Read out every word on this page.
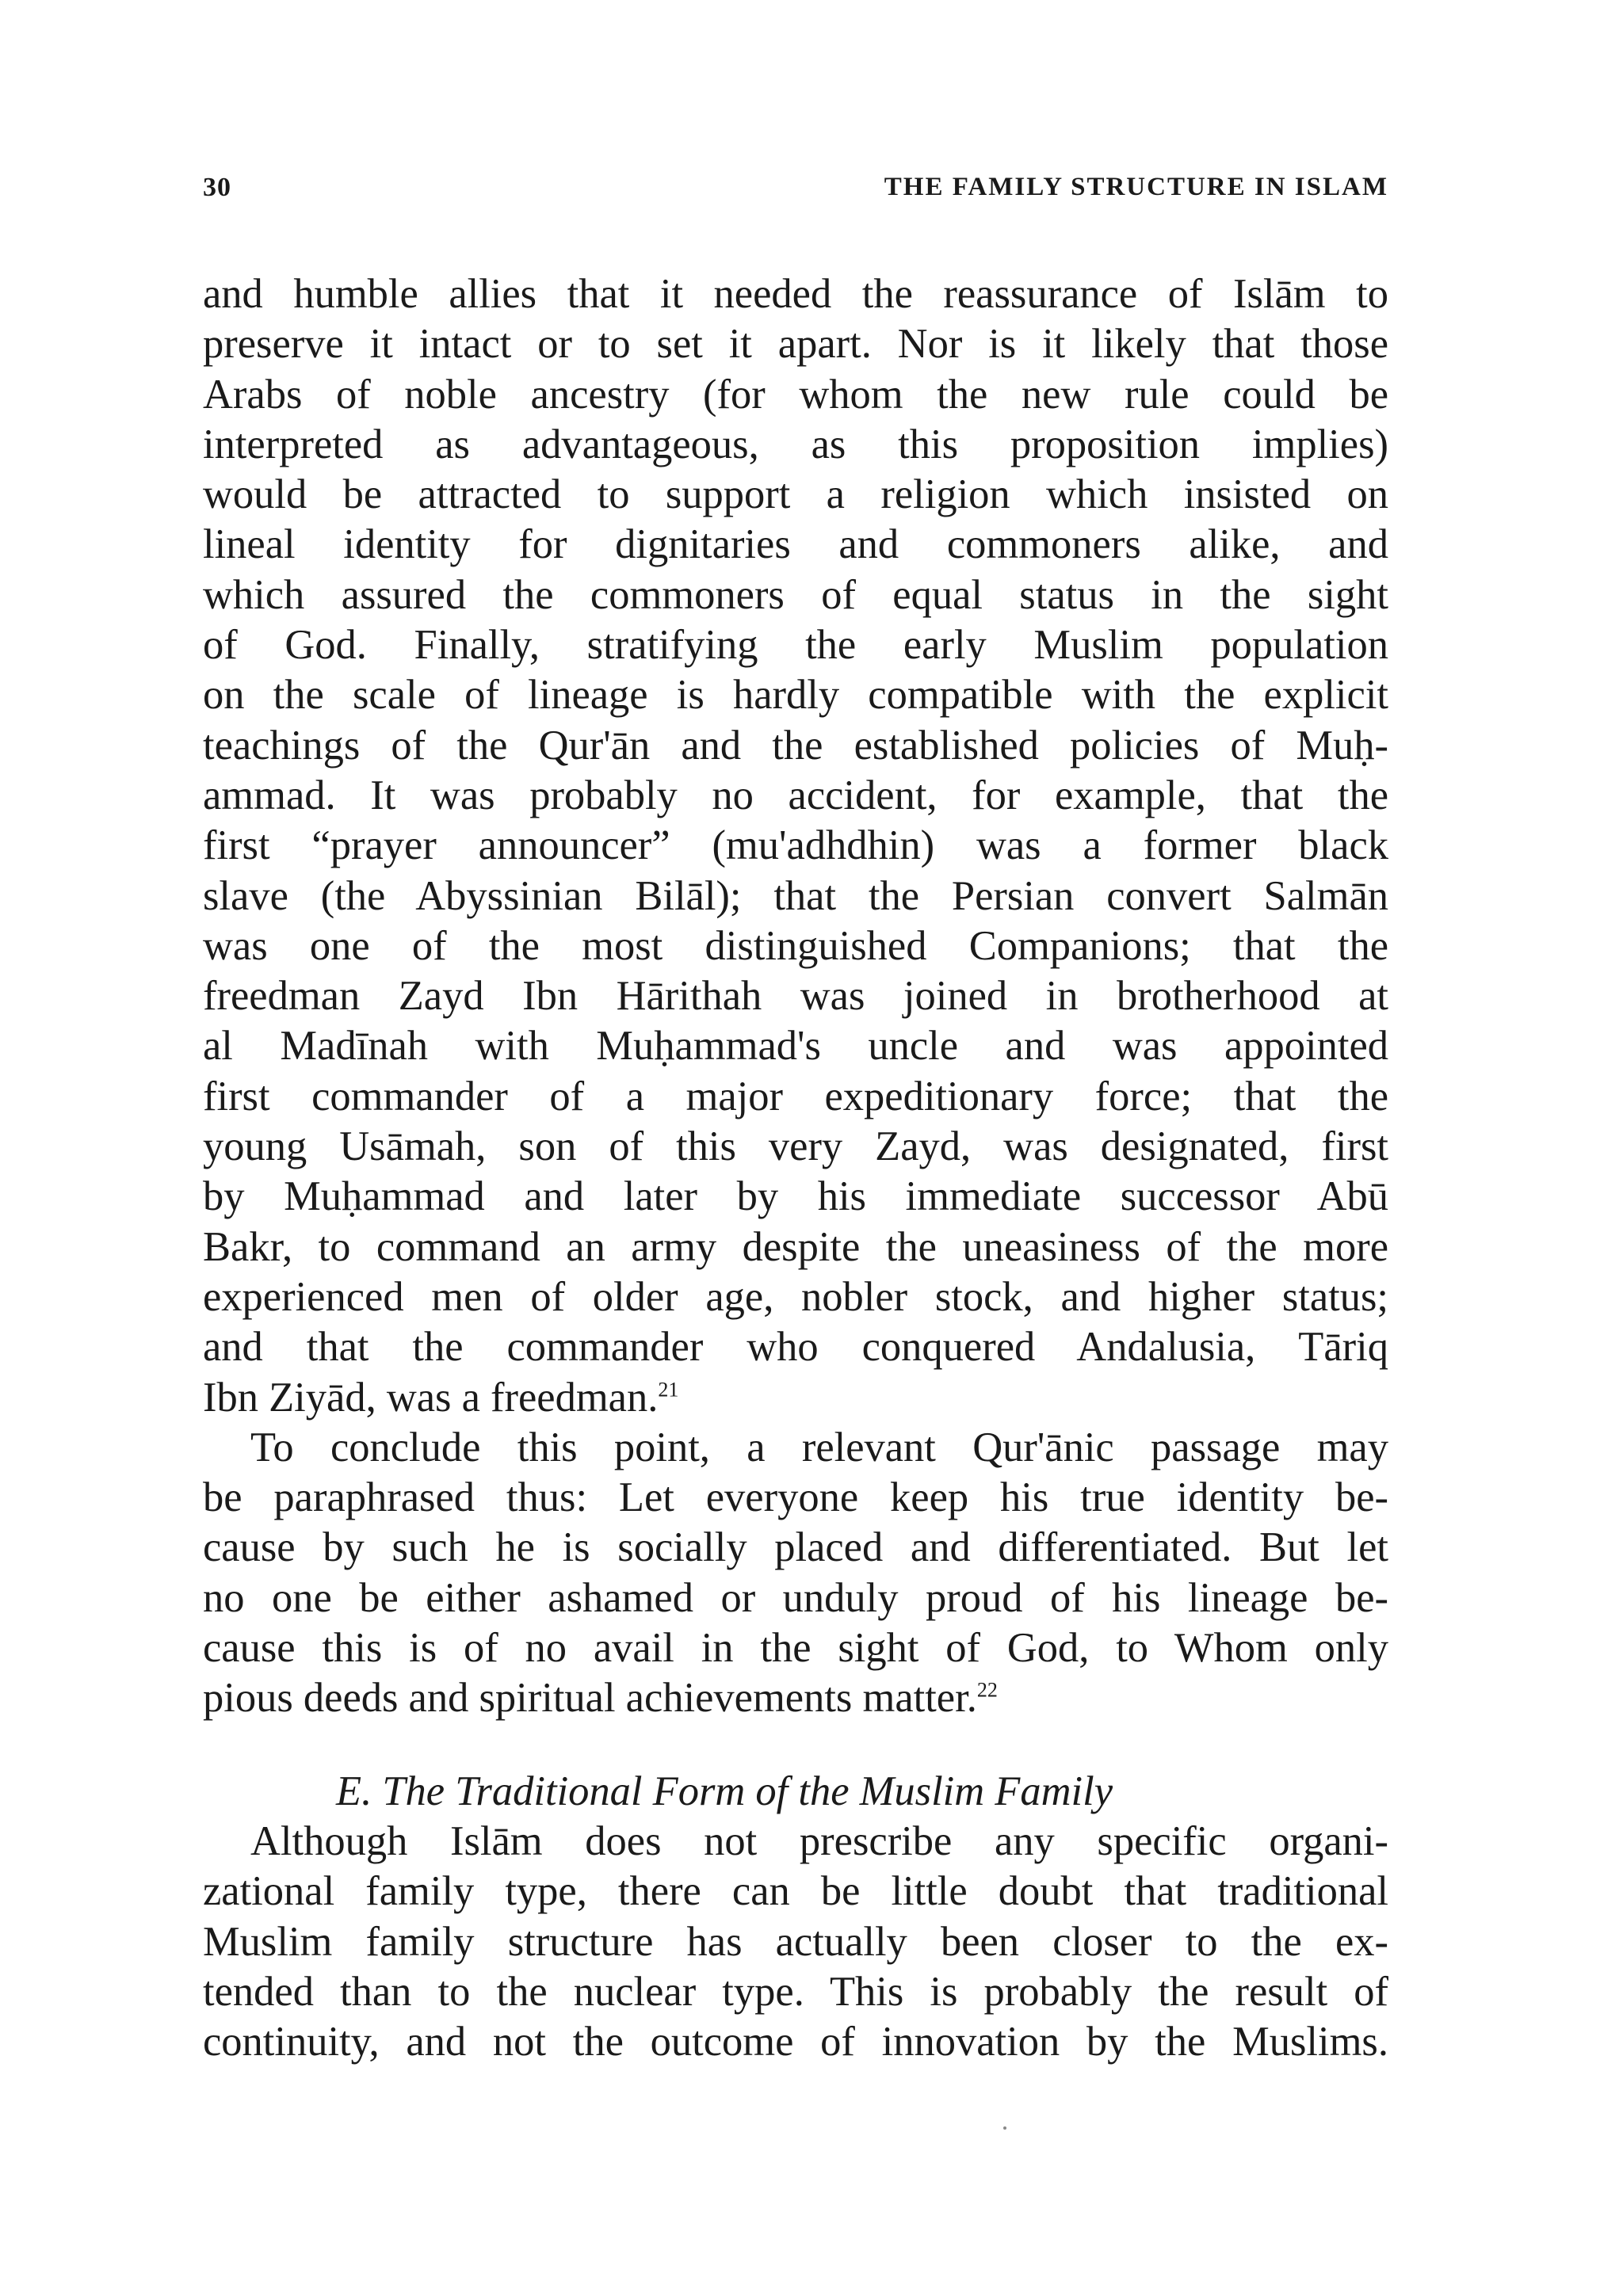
30	THE FAMILY STRUCTURE IN ISLAM
and humble allies that it needed the reassurance of Islām to
preserve it intact or to set it apart. Nor is it likely that those
Arabs of noble ancestry (for whom the new rule could be
interpreted as advantageous, as this proposition implies)
would be attracted to support a religion which insisted on
lineal identity for dignitaries and commoners alike, and
which assured the commoners of equal status in the sight
of God. Finally, stratifying the early Muslim population
on the scale of lineage is hardly compatible with the explicit
teachings of the Qur'ān and the established policies of Muḥ-
ammad. It was probably no accident, for example, that the
first “prayer announcer” (mu'adhdhin) was a former black
slave (the Abyssinian Bilāl); that the Persian convert Salmān
was one of the most distinguished Companions; that the
freedman Zayd Ibn Hārithah was joined in brotherhood at
al Madīnah with Muḥammad's uncle and was appointed
first commander of a major expeditionary force; that the
young Usāmah, son of this very Zayd, was designated, first
by Muḥammad and later by his immediate successor Abū
Bakr, to command an army despite the uneasiness of the more
experienced men of older age, nobler stock, and higher status;
and that the commander who conquered Andalusia, Tāriq
Ibn Ziyād, was a freedman.$^{21}$
To conclude this point, a relevant Qur'ānic passage may
be paraphrased thus: Let everyone keep his true identity be-
cause by such he is socially placed and differentiated. But let
no one be either ashamed or unduly proud of his lineage be-
cause this is of no avail in the sight of God, to Whom only
pious deeds and spiritual achievements matter.$^{22}$
E. The Traditional Form of the Muslim Family
Although Islām does not prescribe any specific organi-
zational family type, there can be little doubt that traditional
Muslim family structure has actually been closer to the ex-
tended than to the nuclear type. This is probably the result of
continuity, and not the outcome of innovation by the Muslims.
